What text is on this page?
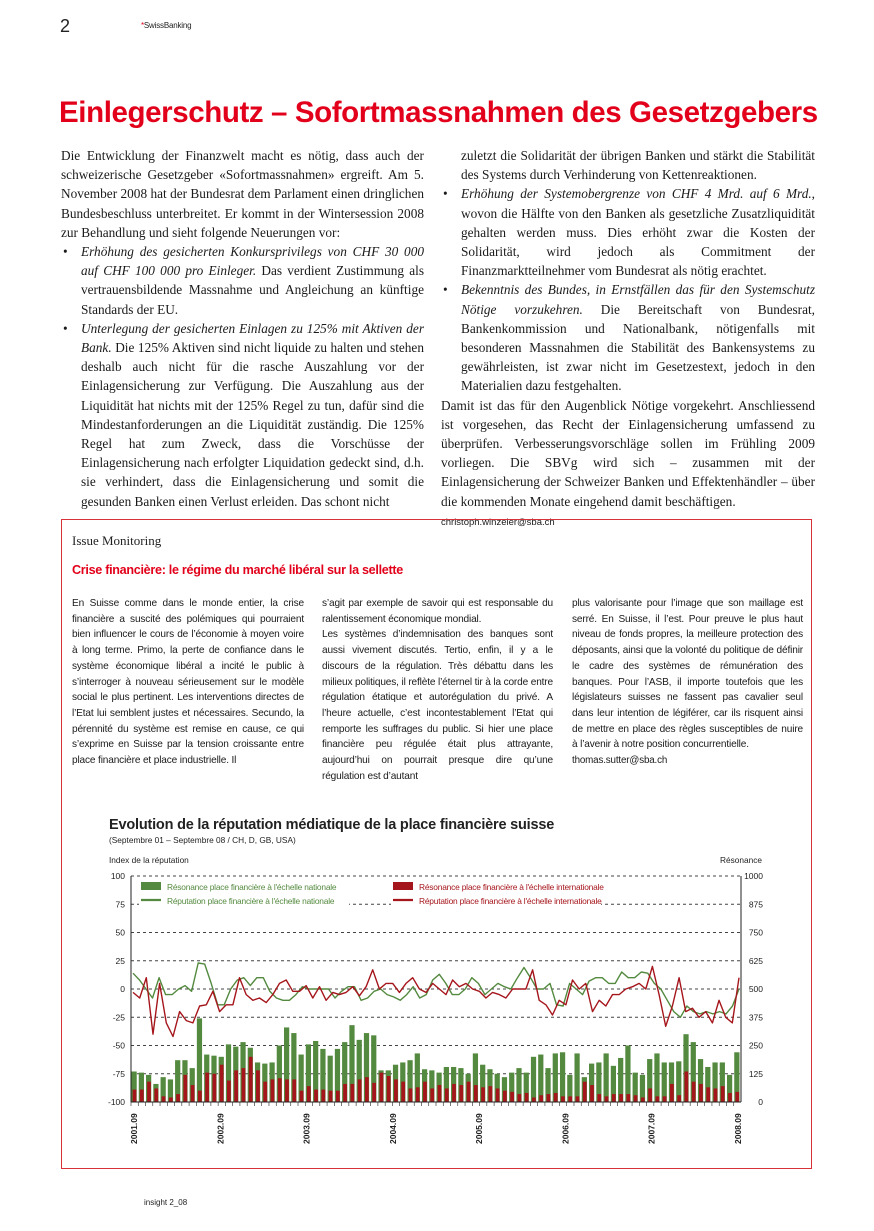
2	*SwissBanking
Einlegerschutz – Sofortmassnahmen des Gesetzgebers

Die Entwicklung der Finanzwelt macht es nötig, dass auch der schweizerische Gesetzgeber «Sofortmassnahmen» ergreift. Am 5. November 2008 hat der Bundesrat dem Parlament einen dringlichen Bundesbeschluss unterbreitet. Er kommt in der Wintersession 2008 zur Behandlung und sieht folgende Neuerungen vor:

• Erhöhung des gesicherten Konkursprivilegs von CHF 30 000 auf CHF 100 000 pro Einleger. Das verdient Zustimmung als vertrauensbildende Massnahme und Angleichung an künftige Standards der EU.
• Unterlegung der gesicherten Einlagen zu 125% mit Aktiven der Bank. Die 125% Aktiven sind nicht liquide zu halten und stehen deshalb auch nicht für die rasche Auszahlung vor der Einlagensicherung zur Verfügung. Die Auszahlung aus der Liquidität hat nichts mit der 125% Regel zu tun, dafür sind die Mindestanforderungen an die Liquidität zuständig. Die 125% Regel hat zum Zweck, dass die Vorschüsse der Einlagensicherung nach erfolgter Liquidation gedeckt sind, d.h. sie verhindert, dass die Einlagensicherung und somit die gesunden Banken einen Verlust erleiden. Das schont nicht
zuletzt die Solidarität der übrigen Banken und stärkt die Stabilität des Systems durch Verhinderung von Kettenreaktionen.
• Erhöhung der Systemobergrenze von CHF 4 Mrd. auf 6 Mrd., wovon die Hälfte von den Banken als gesetzliche Zusatzliquidität gehalten werden muss. Dies erhöht zwar die Kosten der Solidarität, wird jedoch als Commitment der Finanzmarktteilnehmer vom Bundesrat als nötig erachtet.
• Bekenntnis des Bundes, in Ernstfällen das für den Systemschutz Nötige vorzukehren. Die Bereitschaft von Bundesrat, Bankenkommission und Nationalbank, nötigenfalls mit besonderen Massnahmen die Stabilität des Bankensystems zu gewährleisten, ist zwar nicht im Gesetzestext, jedoch in den Materialien dazu festgehalten.

Damit ist das für den Augenblick Nötige vorgekehrt. Anschliessend ist vorgesehen, das Recht der Einlagensicherung umfassend zu überprüfen. Verbesserungsvorschläge sollen im Frühling 2009 vorliegen. Die SBVg wird sich – zusammen mit der Einlagensicherung der Schweizer Banken und Effektenhändler – über die kommenden Monate eingehend damit beschäftigen.

christoph.winzeler@sba.ch
Issue Monitoring
Crise financière: le régime du marché libéral sur la sellette

En Suisse comme dans le monde entier, la crise financière a suscité des polémiques qui pourraient bien influencer le cours de l’économie à moyen voire à long terme. Primo, la perte de confiance dans le système économique libéral a incité le public à s’interroger à nouveau sérieusement sur le modèle social le plus pertinent. Les interventions directes de l’Etat lui semblent justes et nécessaires. Secundo, la pérennité du système est remise en cause, ce qui s’exprime en Suisse par la tension croissante entre place financière et place industrielle. Il

s’agit par exemple de savoir qui est responsable du ralentissement économique mondial.

Les systèmes d’indemnisation des banques sont aussi vivement discutés. Tertio, enfin, il y a le discours de la régulation. Très débattu dans les milieux politiques, il reflète l’éternel tir à la corde entre régulation étatique et autorégulation du privé. A l’heure actuelle, c’est incontestablement l’Etat qui remporte les suffrages du public. Si hier une place financière peu régulée était plus attrayante, aujourd’hui on pourrait presque dire qu’une régulation est d’autant

plus valorisante pour l’image que son maillage est serré. En Suisse, il l’est. Pour preuve le plus haut niveau de fonds propres, la meilleure protection des déposants, ainsi que la volonté du politique de définir le cadre des systèmes de rémunération des banques. Pour l’ASB, il importe toutefois que les législateurs suisses ne fassent pas cavalier seul dans leur intention de légiférer, car ils risquent ainsi de mettre en place des règles susceptibles de nuire à l’avenir à notre position concurrentielle.

thomas.sutter@sba.ch
Evolution de la réputation médiatique de la place financière suisse
(Septembre 01 – Septembre 08 / CH, D, GB, USA)
Index de la réputation	Résonance
100	1000
75	875
50	750
25	625
0	500
-25	375
-50	250
-75	125
-100	0
2001.09	2002.09	2003.09	2004.09	2005.09	2006.09	2007.09	2008.09
Résonance place financière à l'échelle nationale
Réputation place financière à l'échelle nationale
Résonance place financière à l'échelle internationale
Réputation place financière à l'échelle internationale
insight 2_08
